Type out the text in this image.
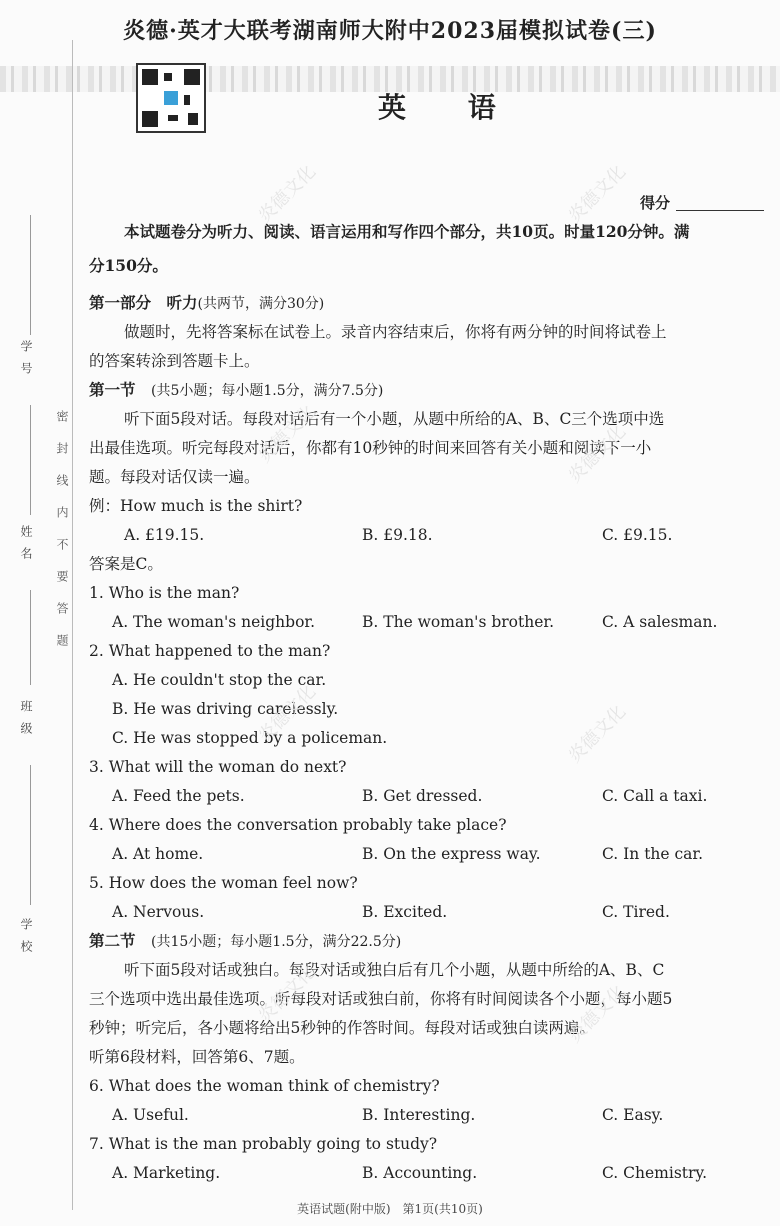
炎德·英才大联考湖南师大附中2023届模拟试卷(三)
英 语
学号
姓名
班级
学校
密封线内不要答题
得分
本试题卷分为听力、阅读、语言运用和写作四个部分，共10页。时量120分钟。满
分150分。
第一部分　听力(共两节，满分30分)
做题时，先将答案标在试卷上。录音内容结束后，你将有两分钟的时间将试卷上
的答案转涂到答题卡上。
第一节　 (共5小题；每小题1.5分，满分7.5分)
听下面5段对话。每段对话后有一个小题，从题中所给的A、B、C三个选项中选
出最佳选项。听完每段对话后，你都有10秒钟的时间来回答有关小题和阅读下一小
题。每段对话仅读一遍。
例：How much is the shirt?
A. £19.15.	B. £9.18.	C. £9.15.
答案是C。
1. Who is the man?
A. The woman's neighbor.	B. The woman's brother.	C. A salesman.
2. What happened to the man?
A. He couldn't stop the car.
B. He was driving carelessly.
C. He was stopped by a policeman.
3. What will the woman do next?
A. Feed the pets.	B. Get dressed.	C. Call a taxi.
4. Where does the conversation probably take place?
A. At home.	B. On the express way.	C. In the car.
5. How does the woman feel now?
A. Nervous.	B. Excited.	C. Tired.
第二节　 (共15小题；每小题1.5分，满分22.5分)
听下面5段对话或独白。每段对话或独白后有几个小题，从题中所给的A、B、C
三个选项中选出最佳选项。听每段对话或独白前，你将有时间阅读各个小题，每小题5
秒钟；听完后，各小题将给出5秒钟的作答时间。每段对话或独白读两遍。
听第6段材料，回答第6、7题。
6. What does the woman think of chemistry?
A. Useful.	B. Interesting.	C. Easy.
7. What is the man probably going to study?
A. Marketing.	B. Accounting.	C. Chemistry.
英语试题(附中版)　第1页(共10页)
炎德文化	炎德文化
炎德文化	炎德文化
炎德文化	炎德文化
炎德文化	炎德文化
